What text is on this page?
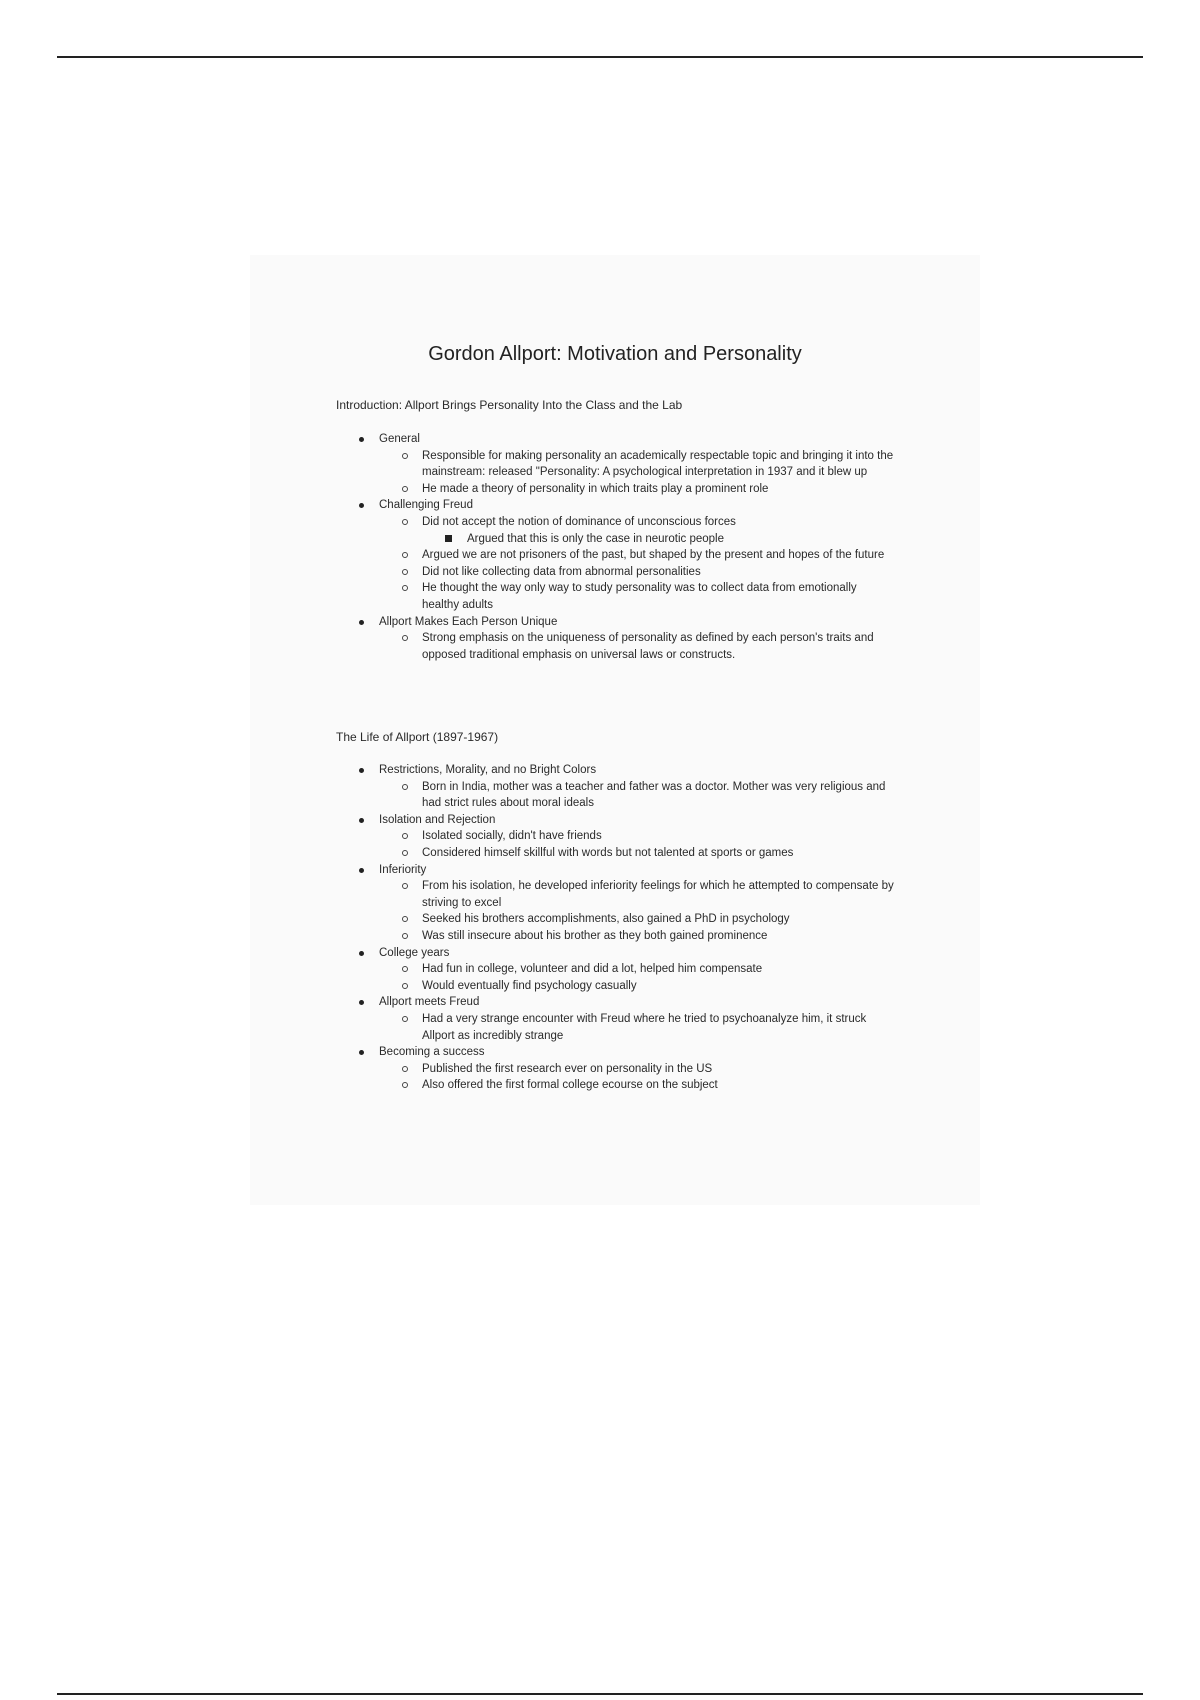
Gordon Allport: Motivation and Personality
Introduction: Allport Brings Personality Into the Class and the Lab
General
Responsible for making personality an academically respectable topic and bringing it into the mainstream: released "Personality: A psychological interpretation in 1937 and it blew up
He made a theory of personality in which traits play a prominent role
Challenging Freud
Did not accept the notion of dominance of unconscious forces
Argued that this is only the case in neurotic people
Argued we are not prisoners of the past, but shaped by the present and hopes of the future
Did not like collecting data from abnormal personalities
He thought the way only way to study personality was to collect data from emotionally healthy adults
Allport Makes Each Person Unique
Strong emphasis on the uniqueness of personality as defined by each person's traits and opposed traditional emphasis on universal laws or constructs.
The Life of Allport (1897-1967)
Restrictions, Morality, and no Bright Colors
Born in India, mother was a teacher and father was a doctor. Mother was very religious and had strict rules about moral ideals
Isolation and Rejection
Isolated socially, didn't have friends
Considered himself skillful with words but not talented at sports or games
Inferiority
From his isolation, he developed inferiority feelings for which he attempted to compensate by striving to excel
Seeked his brothers accomplishments, also gained a PhD in psychology
Was still insecure about his brother as they both gained prominence
College years
Had fun in college, volunteer and did a lot, helped him compensate
Would eventually find psychology casually
Allport meets Freud
Had a very strange encounter with Freud where he tried to psychoanalyze him, it struck Allport as incredibly strange
Becoming a success
Published the first research ever on personality in the US
Also offered the first formal college ecourse on the subject
